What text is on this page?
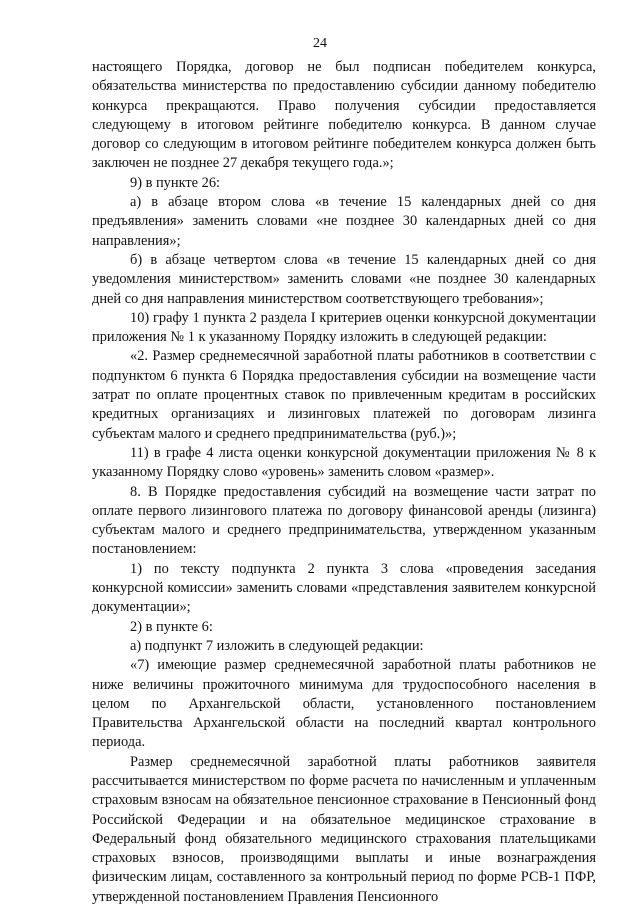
24

настоящего Порядка, договор не был подписан победителем конкурса, обязательства министерства по предоставлению субсидии данному победителю конкурса прекращаются. Право получения субсидии предоставляется следующему в итоговом рейтинге победителю конкурса. В данном случае договор со следующим в итоговом рейтинге победителем конкурса должен быть заключен не позднее 27 декабря текущего года.»;

9) в пункте 26:

а) в абзаце втором слова «в течение 15 календарных дней со дня предъявления» заменить словами «не позднее 30 календарных дней со дня направления»;

б) в абзаце четвертом слова «в течение 15 календарных дней со дня уведомления министерством» заменить словами «не позднее 30 календарных дней со дня направления министерством соответствующего требования»;

10) графу 1 пункта 2 раздела I критериев оценки конкурсной документации приложения № 1 к указанному Порядку изложить в следующей редакции:

«2. Размер среднемесячной заработной платы работников в соответствии с подпунктом 6 пункта 6 Порядка предоставления субсидии на возмещение части затрат по оплате процентных ставок по привлеченным кредитам в российских кредитных организациях и лизинговых платежей по договорам лизинга субъектам малого и среднего предпринимательства (руб.)»;

11) в графе 4 листа оценки конкурсной документации приложения № 8 к указанному Порядку слово «уровень» заменить словом «размер».

8. В Порядке предоставления субсидий на возмещение части затрат по оплате первого лизингового платежа по договору финансовой аренды (лизинга) субъектам малого и среднего предпринимательства, утвержденном указанным постановлением:

1) по тексту подпункта 2 пункта 3 слова «проведения заседания конкурсной комиссии» заменить словами «представления заявителем конкурсной документации»;

2) в пункте 6:

а) подпункт 7 изложить в следующей редакции:

«7) имеющие размер среднемесячной заработной платы работников не ниже величины прожиточного минимума для трудоспособного населения в целом по Архангельской области, установленного постановлением Правительства Архангельской области на последний квартал контрольного периода.

Размер среднемесячной заработной платы работников заявителя рассчитывается министерством по форме расчета по начисленным и уплаченным страховым взносам на обязательное пенсионное страхование в Пенсионный фонд Российской Федерации и на обязательное медицинское страхование в Федеральный фонд обязательного медицинского страхования плательщиками страховых взносов, производящими выплаты и иные вознаграждения физическим лицам, составленного за контрольный период по форме РСВ-1 ПФР, утвержденной постановлением Правления Пенсионного
